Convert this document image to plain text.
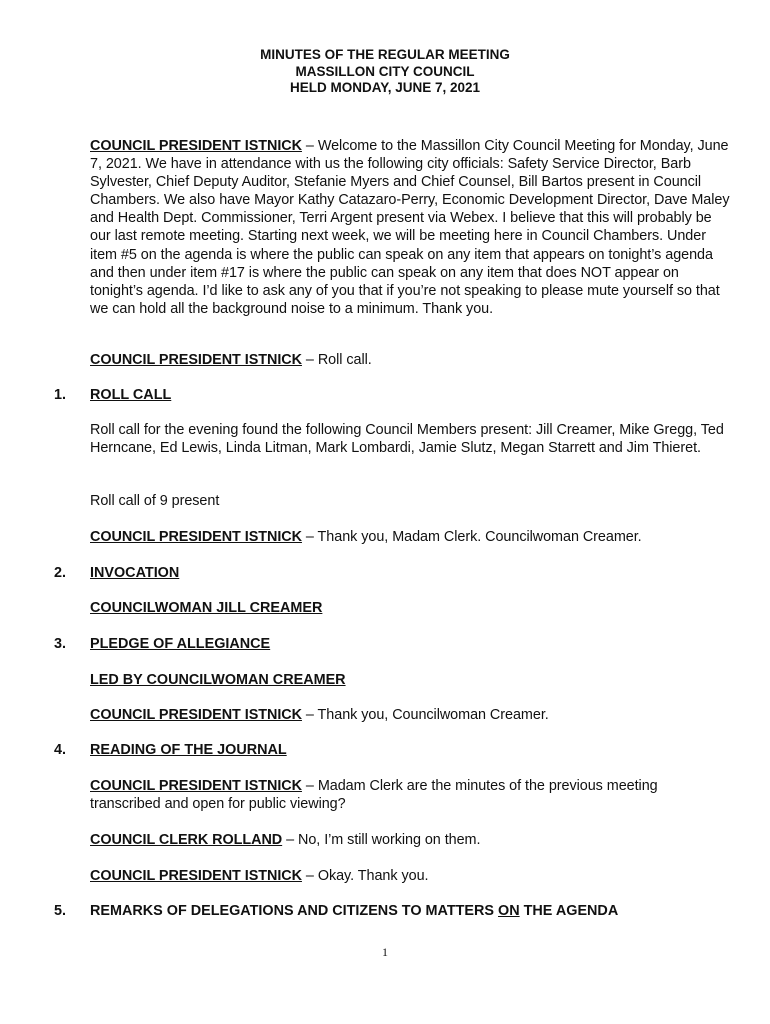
MINUTES OF THE REGULAR MEETING
MASSILLON CITY COUNCIL
HELD MONDAY, JUNE 7, 2021
COUNCIL PRESIDENT ISTNICK – Welcome to the Massillon City Council Meeting for Monday, June 7, 2021. We have in attendance with us the following city officials: Safety Service Director, Barb Sylvester, Chief Deputy Auditor, Stefanie Myers and Chief Counsel, Bill Bartos present in Council Chambers. We also have Mayor Kathy Catazaro-Perry, Economic Development Director, Dave Maley and Health Dept. Commissioner, Terri Argent present via Webex. I believe that this will probably be our last remote meeting. Starting next week, we will be meeting here in Council Chambers. Under item #5 on the agenda is where the public can speak on any item that appears on tonight’s agenda and then under item #17 is where the public can speak on any item that does NOT appear on tonight’s agenda. I’d like to ask any of you that if you’re not speaking to please mute yourself so that we can hold all the background noise to a minimum. Thank you.
COUNCIL PRESIDENT ISTNICK – Roll call.
1. ROLL CALL
Roll call for the evening found the following Council Members present: Jill Creamer, Mike Gregg, Ted Herncane, Ed Lewis, Linda Litman, Mark Lombardi, Jamie Slutz, Megan Starrett and Jim Thieret.
Roll call of 9 present
COUNCIL PRESIDENT ISTNICK – Thank you, Madam Clerk. Councilwoman Creamer.
2. INVOCATION
COUNCILWOMAN JILL CREAMER
3. PLEDGE OF ALLEGIANCE
LED BY COUNCILWOMAN CREAMER
COUNCIL PRESIDENT ISTNICK – Thank you, Councilwoman Creamer.
4. READING OF THE JOURNAL
COUNCIL PRESIDENT ISTNICK – Madam Clerk are the minutes of the previous meeting transcribed and open for public viewing?
COUNCIL CLERK ROLLAND – No, I’m still working on them.
COUNCIL PRESIDENT ISTNICK – Okay. Thank you.
5. REMARKS OF DELEGATIONS AND CITIZENS TO MATTERS ON THE AGENDA
1
